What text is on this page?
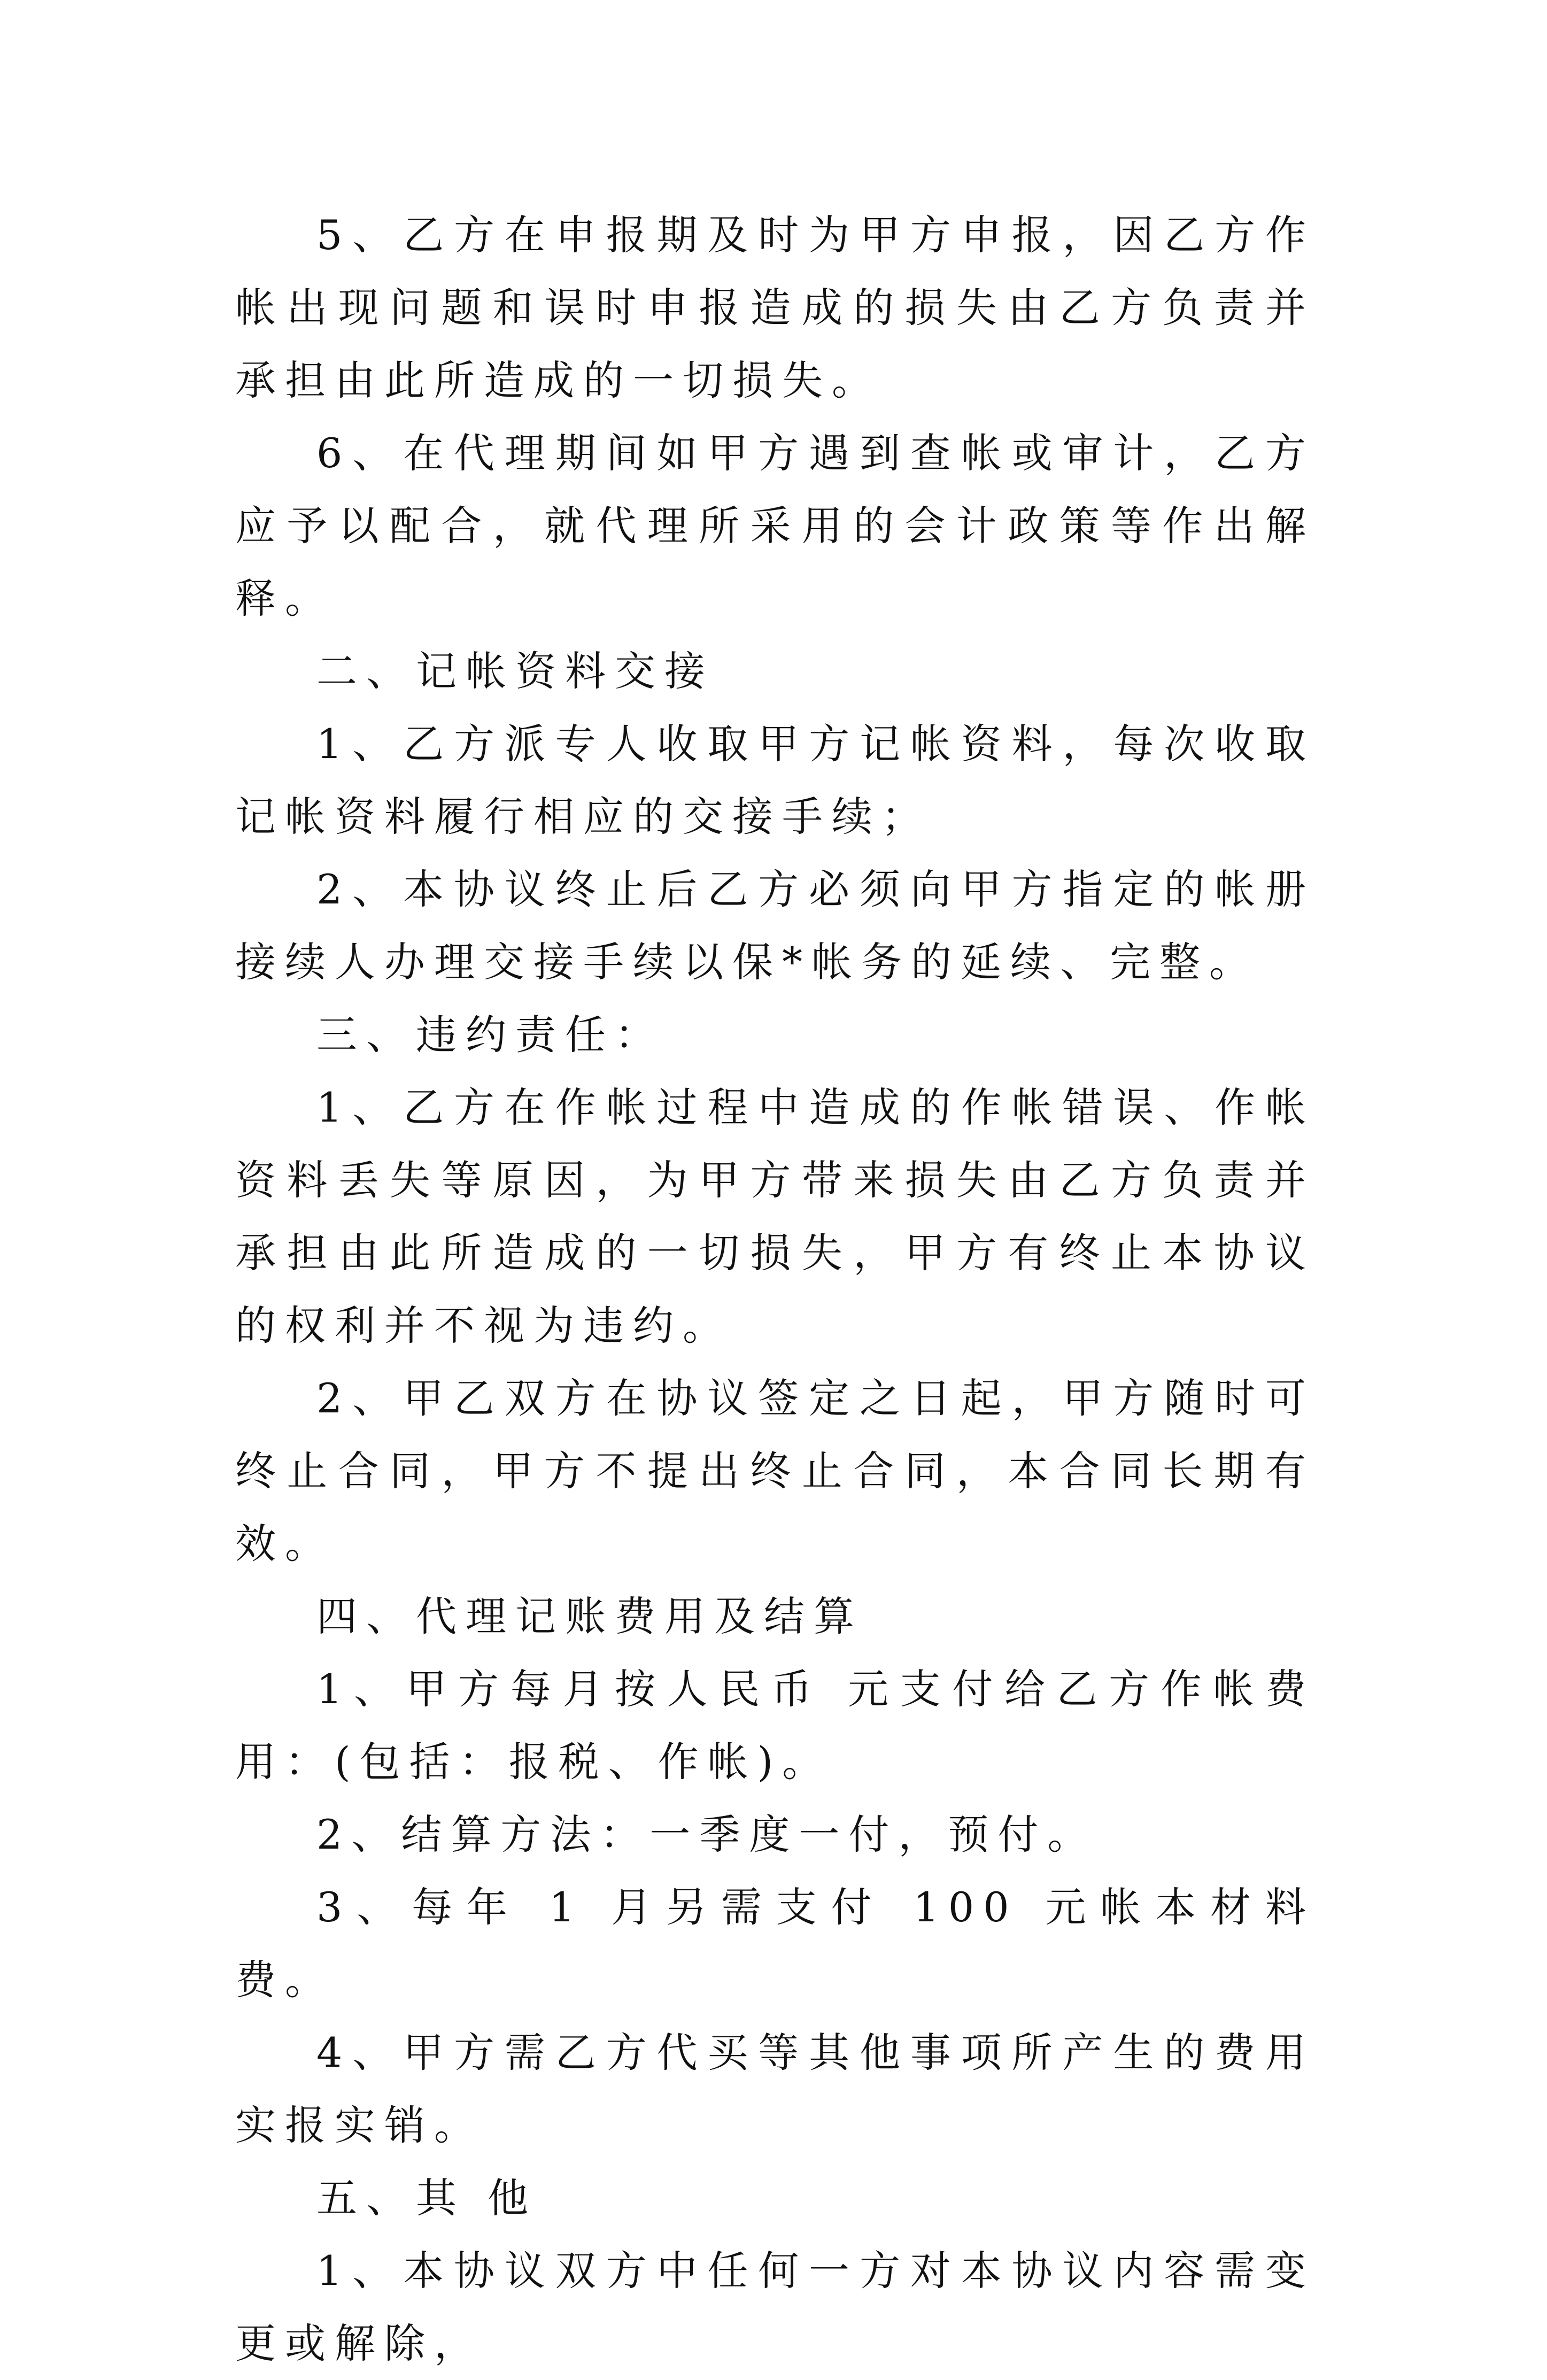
5、乙方在申报期及时为甲方申报，因乙方作帐出现问题和误时申报造成的损失由乙方负责并承担由此所造成的一切损失。

6、在代理期间如甲方遇到查帐或审计，乙方应予以配合，就代理所采用的会计政策等作出解释。

二、记帐资料交接

1、乙方派专人收取甲方记帐资料，每次收取记帐资料履行相应的交接手续；

2、本协议终止后乙方必须向甲方指定的帐册接续人办理交接手续以保*帐务的延续、完整。

三、违约责任：

1、乙方在作帐过程中造成的作帐错误、作帐资料丢失等原因，为甲方带来损失由乙方负责并承担由此所造成的一切损失，甲方有终止本协议的权利并不视为违约。

2、甲乙双方在协议签定之日起，甲方随时可终止合同，甲方不提出终止合同，本合同长期有效。

四、代理记账费用及结算

1、甲方每月按人民币 元支付给乙方作帐费用：(包括：报税、作帐)。

2、结算方法：一季度一付，预付。

3、每年 1 月另需支付 100 元帐本材料费。

4、甲方需乙方代买等其他事项所产生的费用实报实销。

五、其 他

1、本协议双方中任何一方对本协议内容需变更或解除，
